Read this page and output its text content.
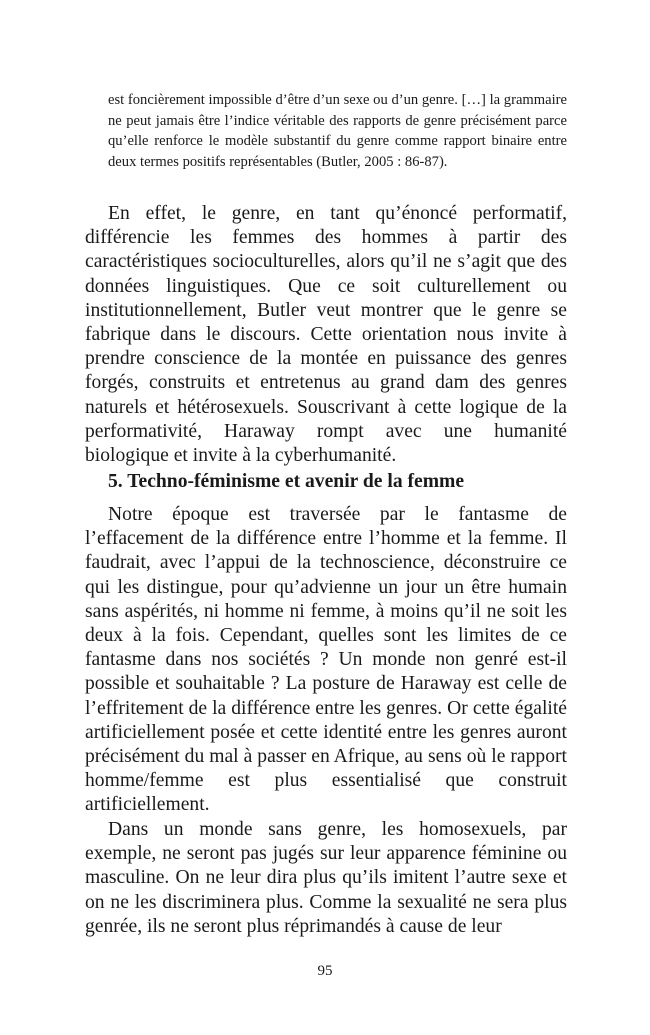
est foncièrement impossible d’être d’un sexe ou d’un genre. […] la grammaire ne peut jamais être l’indice véritable des rapports de genre précisément parce qu’elle renforce le modèle substantif du genre comme rapport binaire entre deux termes positifs représentables (Butler, 2005 : 86-87).

En effet, le genre, en tant qu’énoncé performatif, différencie les femmes des hommes à partir des caractéristiques socioculturelles, alors qu’il ne s’agit que des données linguistiques. Que ce soit culturellement ou institutionnellement, Butler veut montrer que le genre se fabrique dans le discours. Cette orientation nous invite à prendre conscience de la montée en puissance des genres forgés, construits et entretenus au grand dam des genres naturels et hétérosexuels. Souscrivant à cette logique de la performativité, Haraway rompt avec une humanité biologique et invite à la cyberhumanité.

5. Techno-féminisme et avenir de la femme

Notre époque est traversée par le fantasme de l’effacement de la différence entre l’homme et la femme. Il faudrait, avec l’appui de la technoscience, déconstruire ce qui les distingue, pour qu’advienne un jour un être humain sans aspérités, ni homme ni femme, à moins qu’il ne soit les deux à la fois. Cependant, quelles sont les limites de ce fantasme dans nos sociétés ? Un monde non genré est-il possible et souhaitable ? La posture de Haraway est celle de l’effritement de la différence entre les genres. Or cette égalité artificiellement posée et cette identité entre les genres auront précisément du mal à passer en Afrique, au sens où le rapport homme/femme est plus essentialisé que construit artificiellement.

Dans un monde sans genre, les homosexuels, par exemple, ne seront pas jugés sur leur apparence féminine ou masculine. On ne leur dira plus qu’ils imitent l’autre sexe et on ne les discriminera plus. Comme la sexualité ne sera plus genrée, ils ne seront plus réprimandés à cause de leur

95
